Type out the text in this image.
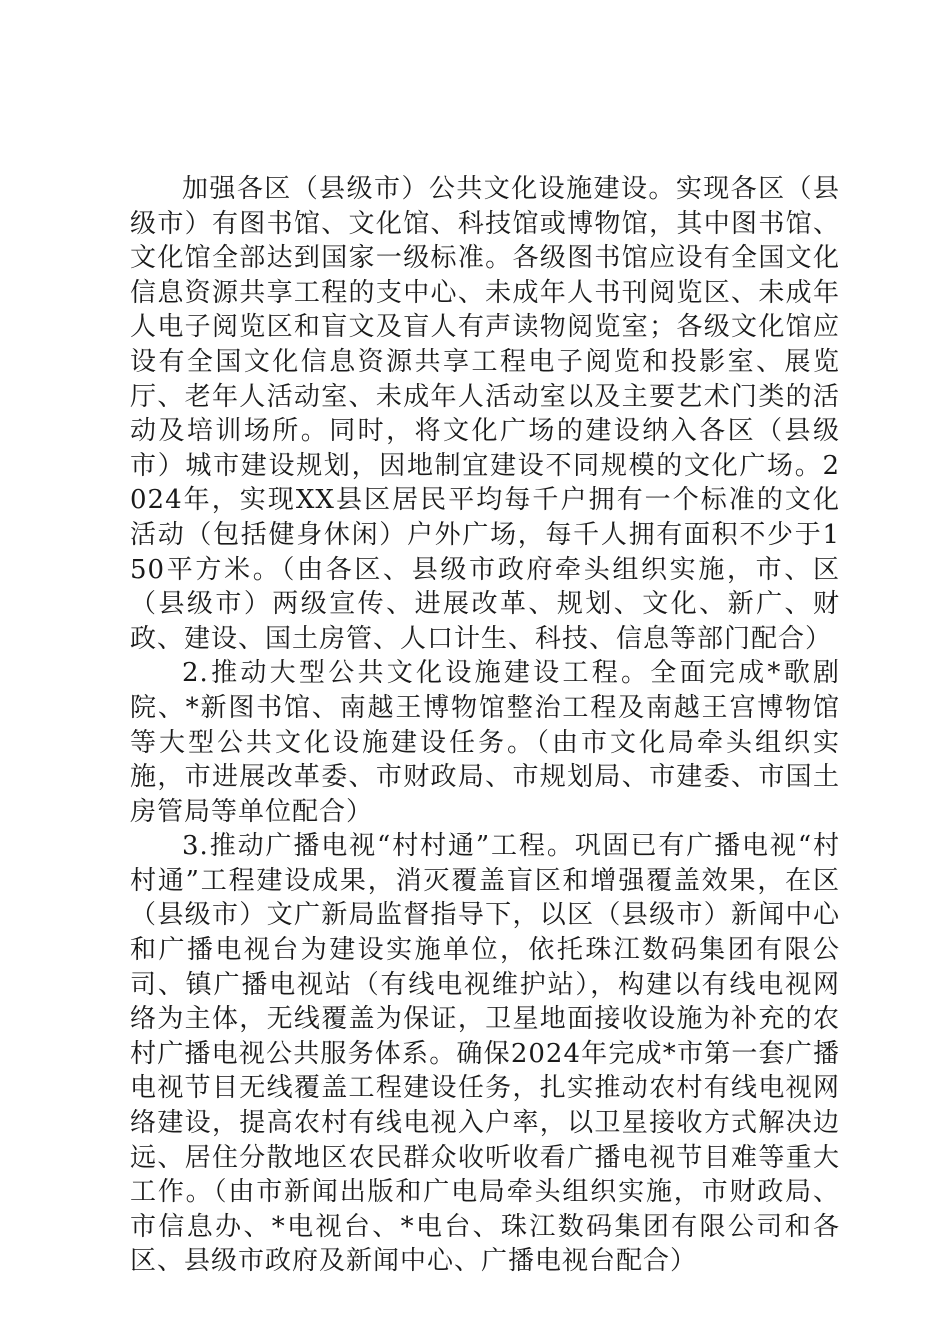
加强各区（县级市）公共文化设施建设。实现各区（县级市）有图书馆、文化馆、科技馆或博物馆，其中图书馆、文化馆全部达到国家一级标准。各级图书馆应设有全国文化信息资源共享工程的支中心、未成年人书刊阅览区、未成年人电子阅览区和盲文及盲人有声读物阅览室；各级文化馆应设有全国文化信息资源共享工程电子阅览和投影室、展览厅、老年人活动室、未成年人活动室以及主要艺术门类的活动及培训场所。同时，将文化广场的建设纳入各区（县级市）城市建设规划，因地制宜建设不同规模的文化广场。2024年，实现XX县区居民平均每千户拥有一个标准的文化活动（包括健身休闲）户外广场，每千人拥有面积不少于150平方米。（由各区、县级市政府牵头组织实施，市、区（县级市）两级宣传、进展改革、规划、文化、新广、财政、建设、国土房管、人口计生、科技、信息等部门配合）

2.推动大型公共文化设施建设工程。全面完成*歌剧院、*新图书馆、南越王博物馆整治工程及南越王宫博物馆等大型公共文化设施建设任务。（由市文化局牵头组织实施，市进展改革委、市财政局、市规划局、市建委、市国土房管局等单位配合）

3.推动广播电视“村村通”工程。巩固已有广播电视“村村通”工程建设成果，消灭覆盖盲区和增强覆盖效果，在区（县级市）文广新局监督指导下，以区（县级市）新闻中心和广播电视台为建设实施单位，依托珠江数码集团有限公司、镇广播电视站（有线电视维护站），构建以有线电视网络为主体，无线覆盖为保证，卫星地面接收设施为补充的农村广播电视公共服务体系。确保2024年完成*市第一套广播电视节目无线覆盖工程建设任务，扎实推动农村有线电视网络建设，提高农村有线电视入户率，以卫星接收方式解决边远、居住分散地区农民群众收听收看广播电视节目难等重大工作。（由市新闻出版和广电局牵头组织实施，市财政局、市信息办、*电视台、*电台、珠江数码集团有限公司和各区、县级市政府及新闻中心、广播电视台配合）
